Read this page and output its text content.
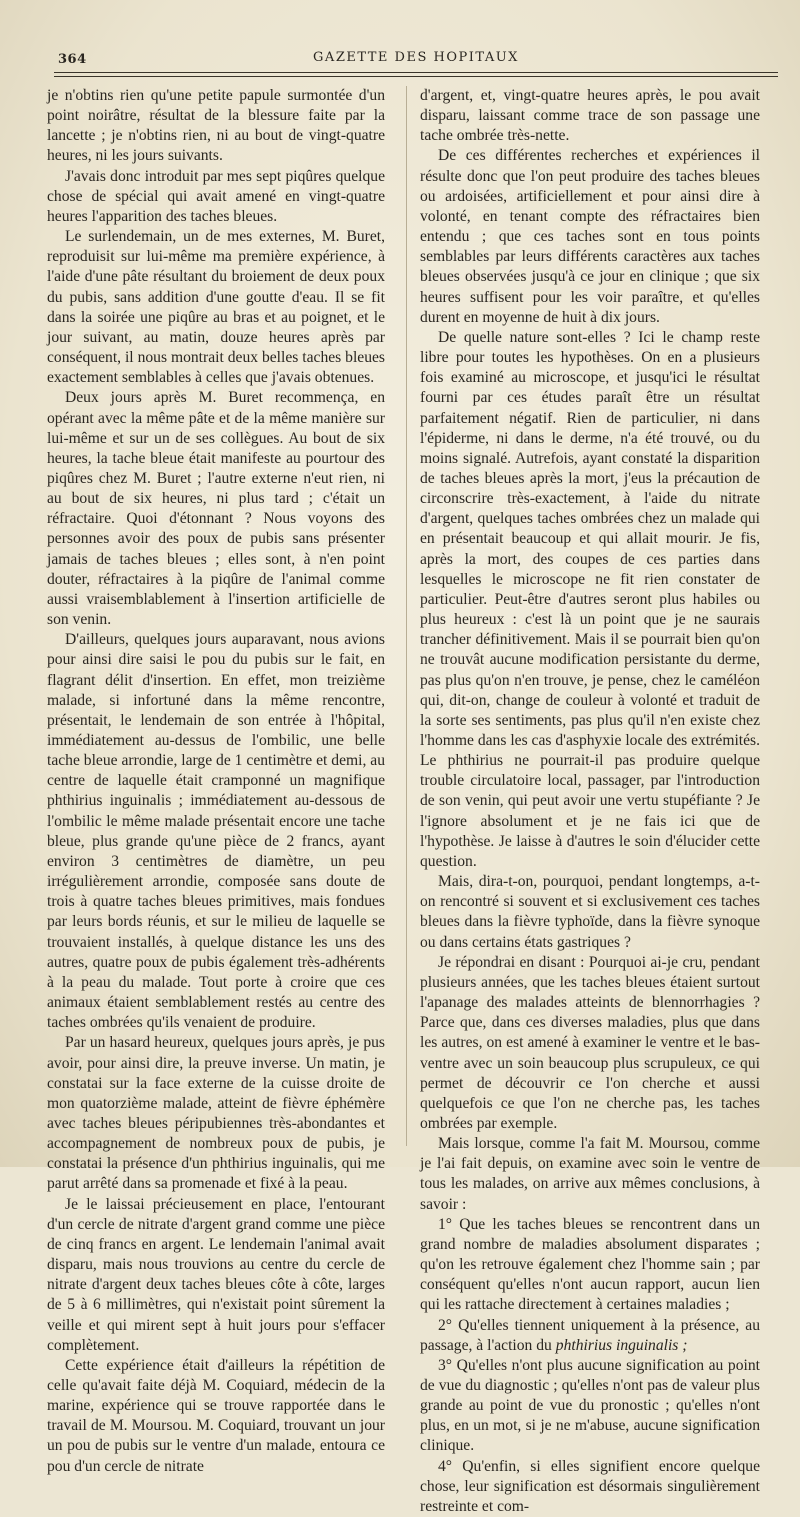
364	GAZETTE DES HOPITAUX

je n'obtins rien qu'une petite papule surmontée d'un point noirâtre, résultat de la blessure faite par la lancette ; je n'obtins rien, ni au bout de vingt-quatre heures, ni les jours suivants.

J'avais donc introduit par mes sept piqûres quelque chose de spécial qui avait amené en vingt-quatre heures l'apparition des taches bleues.

Le surlendemain, un de mes externes, M. Buret, reproduisit sur lui-même ma première expérience, à l'aide d'une pâte résultant du broiement de deux poux du pubis, sans addition d'une goutte d'eau. Il se fit dans la soirée une piqûre au bras et au poignet, et le jour suivant, au matin, douze heures après par conséquent, il nous montrait deux belles taches bleues exactement semblables à celles que j'avais obtenues.

Deux jours après M. Buret recommença, en opérant avec la même pâte et de la même manière sur lui-même et sur un de ses collègues. Au bout de six heures, la tache bleue était manifeste au pourtour des piqûres chez M. Buret ; l'autre externe n'eut rien, ni au bout de six heures, ni plus tard ; c'était un réfractaire. Quoi d'étonnant ? Nous voyons des personnes avoir des poux de pubis sans présenter jamais de taches bleues ; elles sont, à n'en point douter, réfractaires à la piqûre de l'animal comme aussi vraisemblablement à l'insertion artificielle de son venin.

D'ailleurs, quelques jours auparavant, nous avions pour ainsi dire saisi le pou du pubis sur le fait, en flagrant délit d'insertion. En effet, mon treizième malade, si infortuné dans la même rencontre, présentait, le lendemain de son entrée à l'hôpital, immédiatement au-dessus de l'ombilic, une belle tache bleue arrondie, large de 1 centimètre et demi, au centre de laquelle était cramponné un magnifique phthirius inguinalis ; immédiatement au-dessous de l'ombilic le même malade présentait encore une tache bleue, plus grande qu'une pièce de 2 francs, ayant environ 3 centimètres de diamètre, un peu irrégulièrement arrondie, composée sans doute de trois à quatre taches bleues primitives, mais fondues par leurs bords réunis, et sur le milieu de laquelle se trouvaient installés, à quelque distance les uns des autres, quatre poux de pubis également très-adhérents à la peau du malade. Tout porte à croire que ces animaux étaient semblablement restés au centre des taches ombrées qu'ils venaient de produire.

Par un hasard heureux, quelques jours après, je pus avoir, pour ainsi dire, la preuve inverse. Un matin, je constatai sur la face externe de la cuisse droite de mon quatorzième malade, atteint de fièvre éphémère avec taches bleues péripubiennes très-abondantes et accompagnement de nombreux poux de pubis, je constatai la présence d'un phthirius inguinalis, qui me parut arrêté dans sa promenade et fixé à la peau.

Je le laissai précieusement en place, l'entourant d'un cercle de nitrate d'argent grand comme une pièce de cinq francs en argent. Le lendemain l'animal avait disparu, mais nous trouvions au centre du cercle de nitrate d'argent deux taches bleues côte à côte, larges de 5 à 6 millimètres, qui n'existait point sûrement la veille et qui mirent sept à huit jours pour s'effacer complètement.

Cette expérience était d'ailleurs la répétition de celle qu'avait faite déjà M. Coquiard, médecin de la marine, expérience qui se trouve rapportée dans le travail de M. Moursou. M. Coquiard, trouvant un jour un pou de pubis sur le ventre d'un malade, entoura ce pou d'un cercle de nitrate

d'argent, et, vingt-quatre heures après, le pou avait disparu, laissant comme trace de son passage une tache ombrée très-nette.

De ces différentes recherches et expériences il résulte donc que l'on peut produire des taches bleues ou ardoisées, artificiellement et pour ainsi dire à volonté, en tenant compte des réfractaires bien entendu ; que ces taches sont en tous points semblables par leurs différents caractères aux taches bleues observées jusqu'à ce jour en clinique ; que six heures suffisent pour les voir paraître, et qu'elles durent en moyenne de huit à dix jours.

De quelle nature sont-elles ? Ici le champ reste libre pour toutes les hypothèses. On en a plusieurs fois examiné au microscope, et jusqu'ici le résultat fourni par ces études paraît être un résultat parfaitement négatif. Rien de particulier, ni dans l'épiderme, ni dans le derme, n'a été trouvé, ou du moins signalé. Autrefois, ayant constaté la disparition de taches bleues après la mort, j'eus la précaution de circonscrire très-exactement, à l'aide du nitrate d'argent, quelques taches ombrées chez un malade qui en présentait beaucoup et qui allait mourir. Je fis, après la mort, des coupes de ces parties dans lesquelles le microscope ne fit rien constater de particulier. Peut-être d'autres seront plus habiles ou plus heureux : c'est là un point que je ne saurais trancher définitivement. Mais il se pourrait bien qu'on ne trouvât aucune modification persistante du derme, pas plus qu'on n'en trouve, je pense, chez le caméléon qui, dit-on, change de couleur à volonté et traduit de la sorte ses sentiments, pas plus qu'il n'en existe chez l'homme dans les cas d'asphyxie locale des extrémités. Le phthirius ne pourrait-il pas produire quelque trouble circulatoire local, passager, par l'introduction de son venin, qui peut avoir une vertu stupéfiante ? Je l'ignore absolument et je ne fais ici que de l'hypothèse. Je laisse à d'autres le soin d'élucider cette question.

Mais, dira-t-on, pourquoi, pendant longtemps, a-t-on rencontré si souvent et si exclusivement ces taches bleues dans la fièvre typhoïde, dans la fièvre synoque ou dans certains états gastriques ?

Je répondrai en disant : Pourquoi ai-je cru, pendant plusieurs années, que les taches bleues étaient surtout l'apanage des malades atteints de blennorrhagies ? Parce que, dans ces diverses maladies, plus que dans les autres, on est amené à examiner le ventre et le bas-ventre avec un soin beaucoup plus scrupuleux, ce qui permet de découvrir ce l'on cherche et aussi quelquefois ce que l'on ne cherche pas, les taches ombrées par exemple.

Mais lorsque, comme l'a fait M. Moursou, comme je l'ai fait depuis, on examine avec soin le ventre de tous les malades, on arrive aux mêmes conclusions, à savoir :

1° Que les taches bleues se rencontrent dans un grand nombre de maladies absolument disparates ; qu'on les retrouve également chez l'homme sain ; par conséquent qu'elles n'ont aucun rapport, aucun lien qui les rattache directement à certaines maladies ;

2° Qu'elles tiennent uniquement à la présence, au passage, à l'action du phthirius inguinalis ;

3° Qu'elles n'ont plus aucune signification au point de vue du diagnostic ; qu'elles n'ont pas de valeur plus grande au point de vue du pronostic ; qu'elles n'ont plus, en un mot, si je ne m'abuse, aucune signification clinique.

4° Qu'enfin, si elles signifient encore quelque chose, leur signification est désormais singulièrement restreinte et com-
